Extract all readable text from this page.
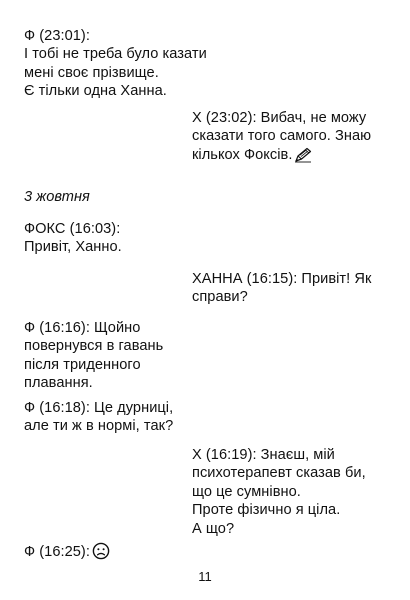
Ф (23:01):
І тобі не треба було казати
мені своє прізвище.
Є тільки одна Ханна.
Х (23:02): Вибач, не можу
сказати того самого. Знаю
кількох Фоксів.
3 жовтня
ФОКС (16:03):
Привіт, Ханно.
ХАННА (16:15): Привіт! Як
справи?
Ф (16:16): Щойно
повернувся в гавань
після триденного
плавання.
Ф (16:18): Це дурниці,
але ти ж в нормі, так?
Х (16:19): Знаєш, мій
психотерапевт сказав би,
що це сумнівно.
Проте фізично я ціла.
А що?
Ф (16:25):
11
